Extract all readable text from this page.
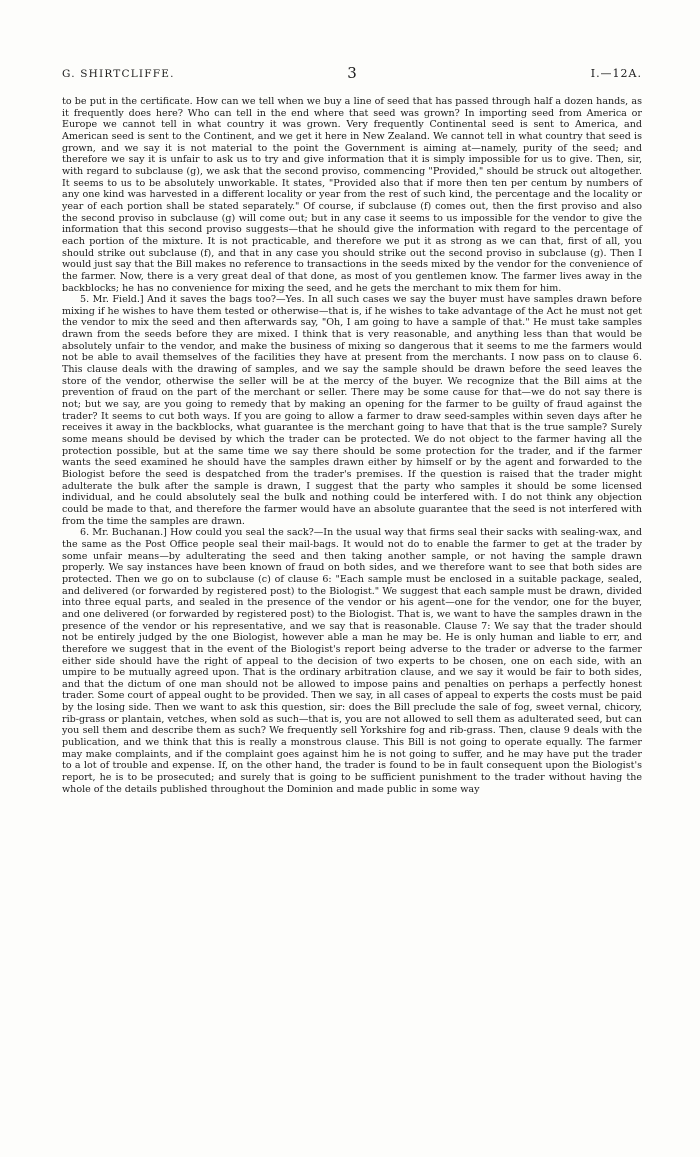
G. SHIRTCLIFFE.	3	I.—12A.

to be put in the certificate. How can we tell when we buy a line of seed that has passed through half a dozen hands, as it frequently does here? Who can tell in the end where that seed was grown? In importing seed from America or Europe we cannot tell in what country it was grown. Very frequently Continental seed is sent to America, and American seed is sent to the Continent, and we get it here in New Zealand. We cannot tell in what country that seed is grown, and we say it is not material to the point the Government is aiming at—namely, purity of the seed; and therefore we say it is unfair to ask us to try and give information that it is simply impossible for us to give. Then, sir, with regard to subclause (g), we ask that the second proviso, commencing "Provided," should be struck out altogether. It seems to us to be absolutely unworkable. It states, "Provided also that if more then ten per centum by numbers of any one kind was harvested in a different locality or year from the rest of such kind, the percentage and the locality or year of each portion shall be stated separately." Of course, if subclause (f) comes out, then the first proviso and also the second proviso in subclause (g) will come out; but in any case it seems to us impossible for the vendor to give the information that this second proviso suggests—that he should give the information with regard to the percentage of each portion of the mixture. It is not practicable, and therefore we put it as strong as we can that, first of all, you should strike out subclause (f), and that in any case you should strike out the second proviso in subclause (g). Then I would just say that the Bill makes no reference to transactions in the seeds mixed by the vendor for the convenience of the farmer. Now, there is a very great deal of that done, as most of you gentlemen know. The farmer lives away in the backblocks; he has no convenience for mixing the seed, and he gets the merchant to mix them for him.

5. Mr. Field.] And it saves the bags too?—Yes. In all such cases we say the buyer must have samples drawn before mixing if he wishes to have them tested or otherwise—that is, if he wishes to take advantage of the Act he must not get the vendor to mix the seed and then afterwards say, "Oh, I am going to have a sample of that." He must take samples drawn from the seeds before they are mixed. I think that is very reasonable, and anything less than that would be absolutely unfair to the vendor, and make the business of mixing so dangerous that it seems to me the farmers would not be able to avail themselves of the facilities they have at present from the merchants. I now pass on to clause 6. This clause deals with the drawing of samples, and we say the sample should be drawn before the seed leaves the store of the vendor, otherwise the seller will be at the mercy of the buyer. We recognize that the Bill aims at the prevention of fraud on the part of the merchant or seller. There may be some cause for that—we do not say there is not; but we say, are you going to remedy that by making an opening for the farmer to be guilty of fraud against the trader? It seems to cut both ways. If you are going to allow a farmer to draw seed-samples within seven days after he receives it away in the backblocks, what guarantee is the merchant going to have that that is the true sample? Surely some means should be devised by which the trader can be protected. We do not object to the farmer having all the protection possible, but at the same time we say there should be some protection for the trader, and if the farmer wants the seed examined he should have the samples drawn either by himself or by the agent and forwarded to the Biologist before the seed is despatched from the trader's premises. If the question is raised that the trader might adulterate the bulk after the sample is drawn, I suggest that the party who samples it should be some licensed individual, and he could absolutely seal the bulk and nothing could be interfered with. I do not think any objection could be made to that, and therefore the farmer would have an absolute guarantee that the seed is not interfered with from the time the samples are drawn.

6. Mr. Buchanan.] How could you seal the sack?—In the usual way that firms seal their sacks with sealing-wax, and the same as the Post Office people seal their mail-bags. It would not do to enable the farmer to get at the trader by some unfair means—by adulterating the seed and then taking another sample, or not having the sample drawn properly. We say instances have been known of fraud on both sides, and we therefore want to see that both sides are protected. Then we go on to subclause (c) of clause 6: "Each sample must be enclosed in a suitable package, sealed, and delivered (or forwarded by registered post) to the Biologist." We suggest that each sample must be drawn, divided into three equal parts, and sealed in the presence of the vendor or his agent—one for the vendor, one for the buyer, and one delivered (or forwarded by registered post) to the Biologist. That is, we want to have the samples drawn in the presence of the vendor or his representative, and we say that is reasonable. Clause 7: We say that the trader should not be entirely judged by the one Biologist, however able a man he may be. He is only human and liable to err, and therefore we suggest that in the event of the Biologist's report being adverse to the trader or adverse to the farmer either side should have the right of appeal to the decision of two experts to be chosen, one on each side, with an umpire to be mutually agreed upon. That is the ordinary arbitration clause, and we say it would be fair to both sides, and that the dictum of one man should not be allowed to impose pains and penalties on perhaps a perfectly honest trader. Some court of appeal ought to be provided. Then we say, in all cases of appeal to experts the costs must be paid by the losing side. Then we want to ask this question, sir: does the Bill preclude the sale of fog, sweet vernal, chicory, rib-grass or plantain, vetches, when sold as such—that is, you are not allowed to sell them as adulterated seed, but can you sell them and describe them as such? We frequently sell Yorkshire fog and rib-grass. Then, clause 9 deals with the publication, and we think that this is really a monstrous clause. This Bill is not going to operate equally. The farmer may make complaints, and if the complaint goes against him he is not going to suffer, and he may have put the trader to a lot of trouble and expense. If, on the other hand, the trader is found to be in fault consequent upon the Biologist's report, he is to be prosecuted; and surely that is going to be sufficient punishment to the trader without having the whole of the details published throughout the Dominion and made public in some way
